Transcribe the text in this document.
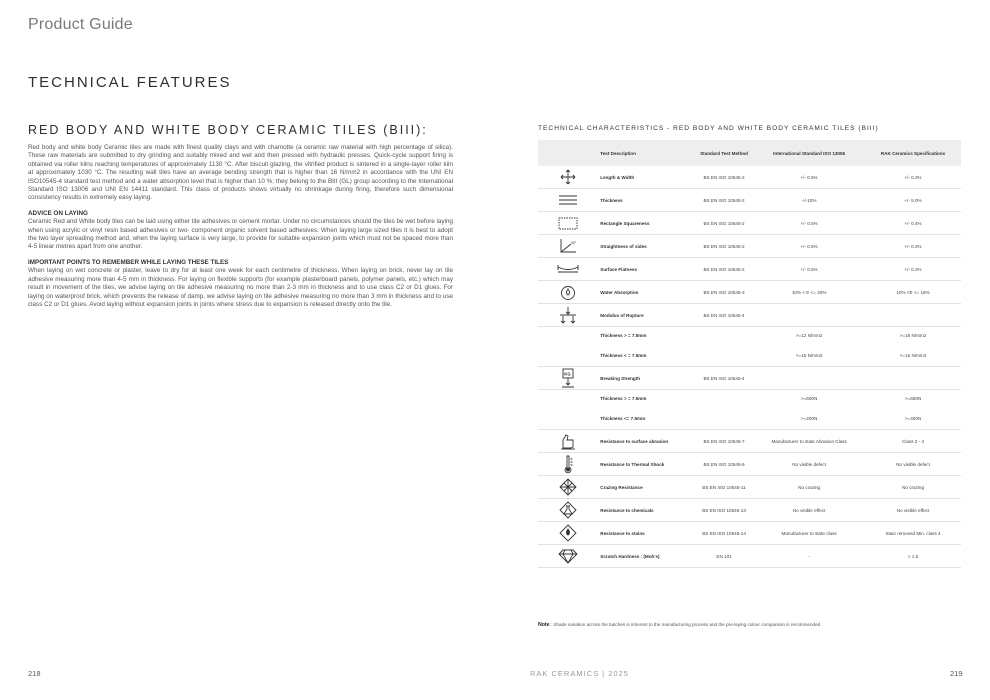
Product Guide
TECHNICAL FEATURES
RED BODY AND WHITE BODY CERAMIC TILES (BIII):

Red body and white body Ceramic tiles are made with finest quality clays and with chamotte (a ceramic raw material with high percentage of silica). These raw materials are submitted to dry grinding and suitably mixed and wet and then pressed with hydraulic presses. Quick-cycle support firing is obtained via roller kilns reaching temperatures of approximately 1130 °C. After biscuit glazing, the vitrified product is sintered in a single-layer roller kiln at approximately 1030 °C. The resulting wall tiles have an average bending strength that is higher than 16 N/mm2 in accordance with the UNI EN ISO10545-4 standard test method and a water absorption level that is higher than 10 %; they belong to the BIII (GL) group according to the International Standard ISO 13006 and UNI EN 14411 standard. This class of products shows virtually no shrinkage during firing, therefore such dimensional consistency results in extremely easy laying.

ADVICE ON LAYING

Ceramic Red and White body tiles can be laid using either tile adhesives or cement mortar. Under no circumstances should the tiles be wet before laying when using acrylic or vinyl resin based adhesives or two- component organic solvent based adhesives. When laying large sized tiles it is best to adopt the two layer spreading method and, when the laying surface is very large, to provide for suitable expansion joints which must not be spaced more than 4-5 linear metres apart from one another.

IMPORTANT POINTS TO REMEMBER WHILE LAYING THESE TILES

When laying on wet concrete or plaster, leave to dry for at least one week for each centimetre of thickness. When laying on brick, never lay on tile adhesive measuring more than 4-5 mm in thickness. For laying on flexible supports (for example plasterboard panels, polymer panels, etc.) which may result in movement of the tiles, we advise laying on tile adhesive measuring no more than 2-3 mm in thickness and to use class C2 or D1 glues. For laying on waterproof brick, which prevents the release of damp, we advise laying on tile adhesive measuring no more than 3 mm in thickness and to use class C2 or D1 glues. Avoid laying without expansion joints in joints where stress due to expansion is released directly onto the tile.

TECHNICAL CHARACTERISTICS - RED BODY AND WHITE BODY CERAMIC TILES (BIII)
	Test Description	Standard Test Method	International Standard ISO 13006	RAK Ceramics Specifications

	Length & Width	BS EN ISO 10545-2	+/- 0.5%	+/- 0.3%

	Thickness	BS EN ISO 10545-2	+/-10%	+/- 5.0%

	Rectangle Squareness	BS EN ISO 10545-2	+/- 0.5%	+/- 0.4%

90°	Straightness of sides	BS EN ISO 10545-2	+/- 0.5%	+/- 0.3%

	Surface Flatness	BS EN ISO 10545-2	+/- 0.5%	+/- 0.3%

	Water Absorption	BS EN ISO 10545-3	10% < E <= 20%	10% <E <= 18%

	Modulus of Rupture	BS EN ISO 10545-4		
	Thickness > = 7.5mm		>=12 N/mm2	>=16 N/mm2
	Thickness < = 7.5mm		>=15 N/mm2	>=16 N/mm2

KG	Breaking Strength	BS EN ISO 10545-4		
	Thickness > = 7.5mm		>=600N	>=650N
	Thickness <= 7.5mm		>=200N	>=400N

	Resistance to surface abrasion	BS EN ISO 10545-7	Manufacturer to state Abrasion Class	Class 2 - 4

	Resistance to Thermal Shock	BS EN ISO 10545-9	No visible defect	No visible defect

	Crazing Resistance	BS EN ISO 10545-11	No crazing	No crazing

	Resistance to chemicals	BS EN ISO 10545-13	No visible effect	No visible effect

	Resistance to stains	BS EN ISO 10545-14	Manufacturer to state class	Stain removed Min. class 4

	Scratch Hardness : (Moh's)	EN 101	-	> 1.6
Note : Shade variation across the batches is inherent to the manufacturing process and the pre-laying colour comparison is recommended
218	RAK CERAMICS | 2025	219
